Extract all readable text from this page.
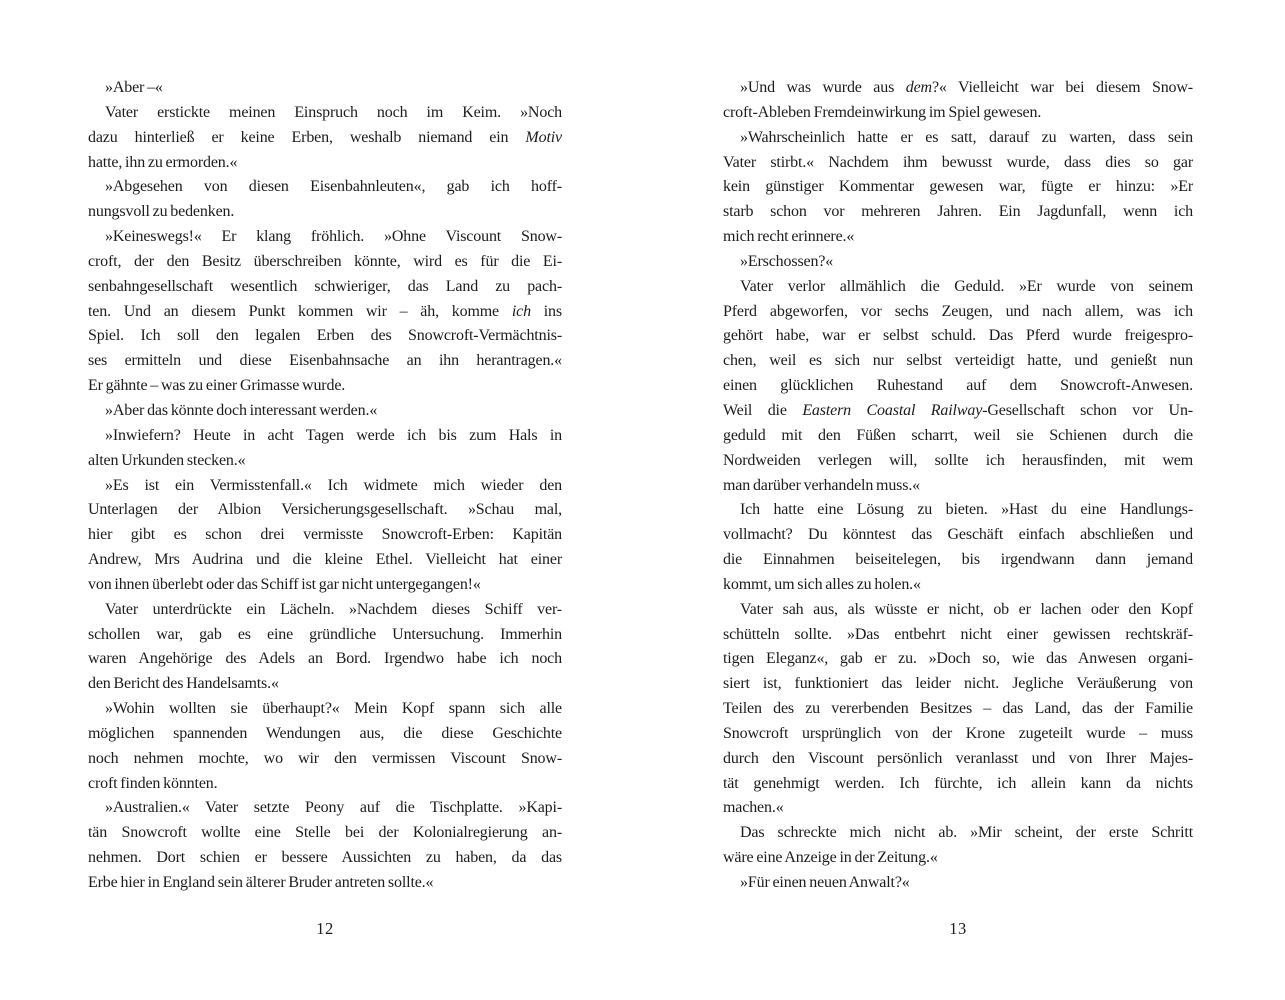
»Aber –«

Vater erstickte meinen Einspruch noch im Keim. »Noch
dazu hinterließ er keine Erben, weshalb niemand ein Motiv
hatte, ihn zu ermorden.«

»Abgesehen von diesen Eisenbahnleuten«, gab ich hoff-
nungsvoll zu bedenken.

»Keineswegs!« Er klang fröhlich. »Ohne Viscount Snow-
croft, der den Besitz überschreiben könnte, wird es für die Ei-
senbahngesellschaft wesentlich schwieriger, das Land zu pach-
ten. Und an diesem Punkt kommen wir – äh, komme ich ins
Spiel. Ich soll den legalen Erben des Snowcroft-Vermächtnis-
ses ermitteln und diese Eisenbahnsache an ihn herantragen.«
Er gähnte – was zu einer Grimasse wurde.

»Aber das könnte doch interessant werden.«

»Inwiefern? Heute in acht Tagen werde ich bis zum Hals in
alten Urkunden stecken.«

»Es ist ein Vermisstenfall.« Ich widmete mich wieder den
Unterlagen der Albion Versicherungsgesellschaft. »Schau mal,
hier gibt es schon drei vermisste Snowcroft-Erben: Kapitän
Andrew, Mrs Audrina und die kleine Ethel. Vielleicht hat einer
von ihnen überlebt oder das Schiff ist gar nicht untergegangen!«

Vater unterdrückte ein Lächeln. »Nachdem dieses Schiff ver-
schollen war, gab es eine gründliche Untersuchung. Immerhin
waren Angehörige des Adels an Bord. Irgendwo habe ich noch
den Bericht des Handelsamts.«

»Wohin wollten sie überhaupt?« Mein Kopf spann sich alle
möglichen spannenden Wendungen aus, die diese Geschichte
noch nehmen mochte, wo wir den vermissen Viscount Snow-
croft finden könnten.

»Australien.« Vater setzte Peony auf die Tischplatte. »Kapi-
tän Snowcroft wollte eine Stelle bei der Kolonialregierung an-
nehmen. Dort schien er bessere Aussichten zu haben, da das
Erbe hier in England sein älterer Bruder antreten sollte.«

12

»Und was wurde aus dem?« Vielleicht war bei diesem Snow-
croft-Ableben Fremdeinwirkung im Spiel gewesen.

»Wahrscheinlich hatte er es satt, darauf zu warten, dass sein
Vater stirbt.« Nachdem ihm bewusst wurde, dass dies so gar
kein günstiger Kommentar gewesen war, fügte er hinzu: »Er
starb schon vor mehreren Jahren. Ein Jagdunfall, wenn ich
mich recht erinnere.«

»Erschossen?«

Vater verlor allmählich die Geduld. »Er wurde von seinem
Pferd abgeworfen, vor sechs Zeugen, und nach allem, was ich
gehört habe, war er selbst schuld. Das Pferd wurde freigespro-
chen, weil es sich nur selbst verteidigt hatte, und genießt nun
einen glücklichen Ruhestand auf dem Snowcroft-Anwesen.
Weil die Eastern Coastal Railway-Gesellschaft schon vor Un-
geduld mit den Füßen scharrt, weil sie Schienen durch die
Nordweiden verlegen will, sollte ich herausfinden, mit wem
man darüber verhandeln muss.«

Ich hatte eine Lösung zu bieten. »Hast du eine Handlungs-
vollmacht? Du könntest das Geschäft einfach abschließen und
die Einnahmen beiseitelegen, bis irgendwann dann jemand
kommt, um sich alles zu holen.«

Vater sah aus, als wüsste er nicht, ob er lachen oder den Kopf
schütteln sollte. »Das entbehrt nicht einer gewissen rechtskräf-
tigen Eleganz«, gab er zu. »Doch so, wie das Anwesen organi-
siert ist, funktioniert das leider nicht. Jegliche Veräußerung von
Teilen des zu vererbenden Besitzes – das Land, das der Familie
Snowcroft ursprünglich von der Krone zugeteilt wurde – muss
durch den Viscount persönlich veranlasst und von Ihrer Majes-
tät genehmigt werden. Ich fürchte, ich allein kann da nichts
machen.«

Das schreckte mich nicht ab. »Mir scheint, der erste Schritt
wäre eine Anzeige in der Zeitung.«

»Für einen neuen Anwalt?«

13
